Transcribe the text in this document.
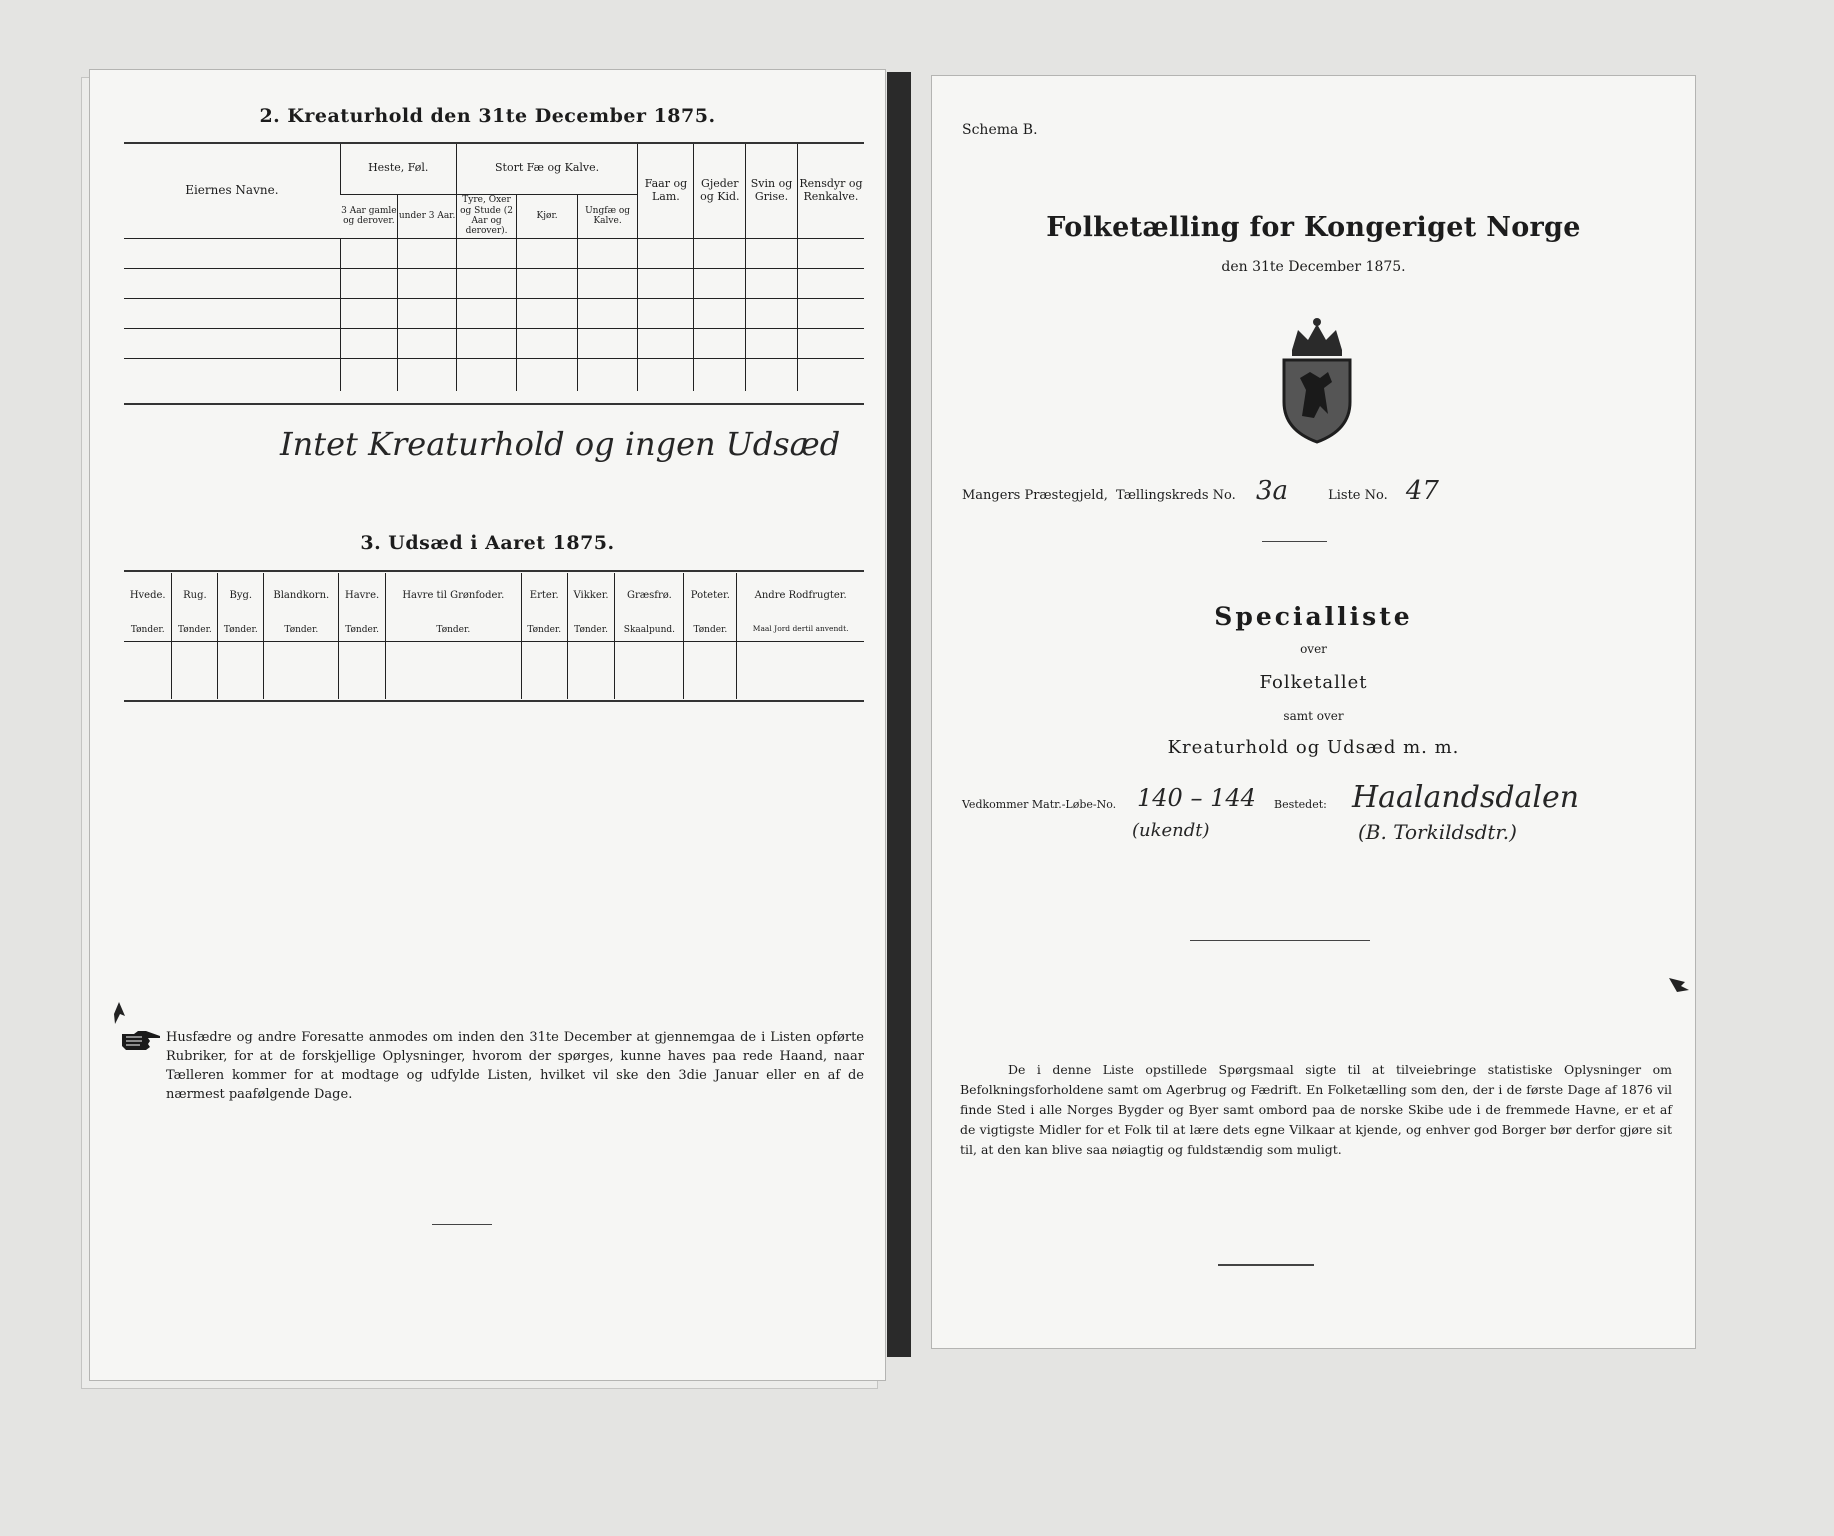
2. Kreaturhold den 31te December 1875.
Eiernes Navne.	Heste, Føl.		Stort Fæ og Kalve.			Faar og Lam.	Gjeder og Kid.	Svin og Grise.	Rensdyr og Renkalve.
	3 Aar gamle og derover.	under 3 Aar.	Tyre, Oxer og Stude (2 Aar og derover).	Kjør.	Ungfæ og Kalve.				

Intet Kreaturhold og ingen Udsæd
3. Udsæd i Aaret 1875.
Hvede.	Rug.	Byg.	Blandkorn.	Havre.	Havre til Grønfoder.	Erter.	Vikker.	Græsfrø.	Poteter.	Andre Rodfrugter.
Tønder.	Tønder.	Tønder.	Tønder.	Tønder.	Tønder.	Tønder.	Tønder.	Skaalpund.	Tønder.	Maal Jord dertil anvendt.

Husfædre og andre Foresatte anmodes om inden den 31te December at gjennemgaa de i Listen opførte Rubriker, for at de forskjellige Oplysninger, hvorom der spørges, kunne haves paa rede Haand, naar Tælleren kommer for at modtage og udfylde Listen, hvilket vil ske den 3die Januar eller en af de nærmest paafølgende Dage.
Schema B.
Folketælling for Kongeriget Norge
den 31te December 1875.
Mangers Præstegjeld, Tællingskreds No. 3a	Liste No. 47
Specialliste
over
Folketallet
samt over
Kreaturhold og Udsæd m. m.
Vedkommer Matr.-Løbe-No. 140 – 144
(ukendt)
Bestedet: Haalandsdalen
(B. Torkildsdtr.)
De i denne Liste opstillede Spørgsmaal sigte til at tilveiebringe statistiske Oplysninger om Befolkningsforholdene samt om Agerbrug og Fædrift. En Folketælling som den, der i de første Dage af 1876 vil finde Sted i alle Norges Bygder og Byer samt ombord paa de norske Skibe ude i de fremmede Havne, er et af de vigtigste Midler for et Folk til at lære dets egne Vilkaar at kjende, og enhver god Borger bør derfor gjøre sit til, at den kan blive saa nøiagtig og fuldstændig som muligt.
